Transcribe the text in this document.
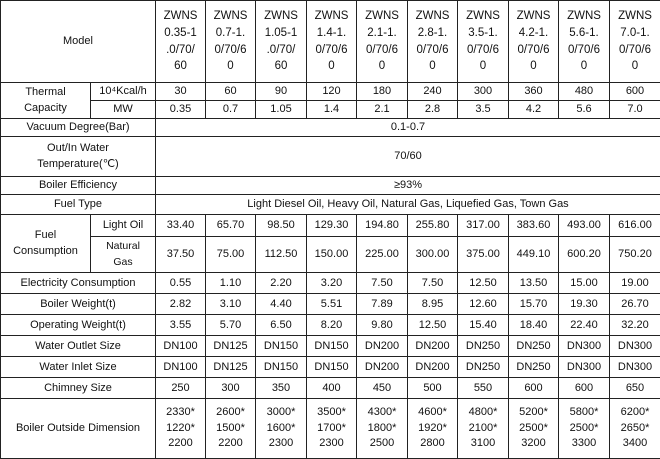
Model		ZWNS
0.35-1
.0/70/
60	ZWNS
0.7-1.
0/70/6
0	ZWNS
1.05-1
.0/70/
60	ZWNS
1.4-1.
0/70/6
0	ZWNS
2.1-1.
0/70/6
0	ZWNS
2.8-1.
0/70/6
0	ZWNS
3.5-1.
0/70/6
0	ZWNS
4.2-1.
0/70/6
0	ZWNS
5.6-1.
0/70/6
0	ZWNS
7.0-1.
0/70/6
0

Thermal
Capacity	10⁴Kcal/h	30	60	90	120	180	240	300	360	480	600
	MW	0.35	0.7	1.05	1.4	2.1	2.8	3.5	4.2	5.6	7.0
Vacuum Degree(Bar)		0.1-0.7									

Out/In Water
Temperature(℃)		70/60									
Boiler Efficiency		≥93%									
Fuel Type		Light Diesel Oil, Heavy Oil, Natural Gas, Liquefied Gas, Town Gas									

Fuel
Consumption	Light Oil	33.40	65.70	98.50	129.30	194.80	255.80	317.00	383.60	493.00	616.00

	Natural
Gas	37.50	75.00	112.50	150.00	225.00	300.00	375.00	449.10	600.20	750.20
Electricity Consumption		0.55	1.10	2.20	3.20	7.50	7.50	12.50	13.50	15.00	19.00
Boiler Weight(t)		2.82	3.10	4.40	5.51	7.89	8.95	12.60	15.70	19.30	26.70
Operating Weight(t)		3.55	5.70	6.50	8.20	9.80	12.50	15.40	18.40	22.40	32.20
Water Outlet Size		DN100	DN125	DN150	DN150	DN200	DN200	DN250	DN250	DN300	DN300
Water Inlet Size		DN100	DN125	DN150	DN150	DN200	DN200	DN250	DN250	DN300	DN300
Chimney Size		250	300	350	400	450	500	550	600	600	650
Boiler Outside Dimension		2330*
1220*
2200	2600*
1500*
2200	3000*
1600*
2300	3500*
1700*
2300	4300*
1800*
2500	4600*
1920*
2800	4800*
2100*
3100	5200*
2500*
3200	5800*
2500*
3300	6200*
2650*
3400
